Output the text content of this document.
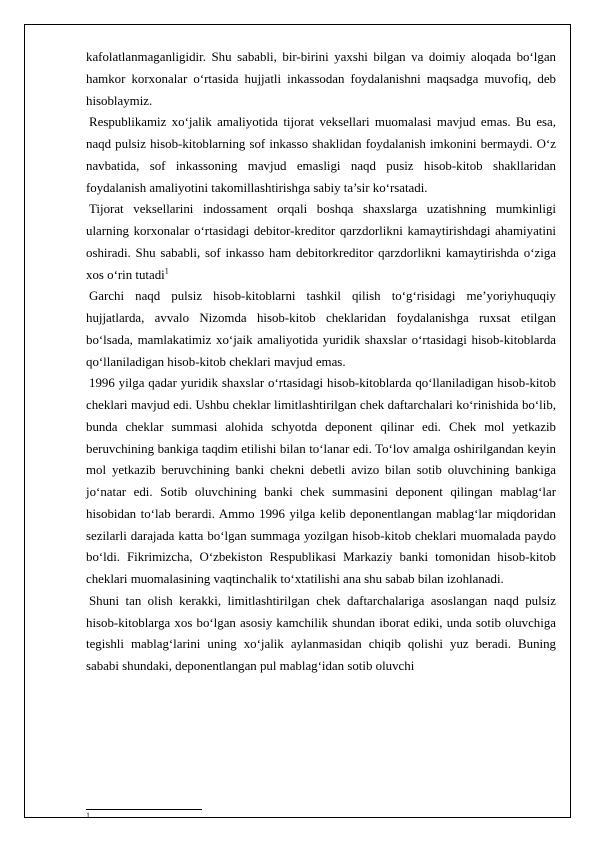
kafolatlanmaganligidir. Shu sababli, bir-birini yaxshi bilgan va doimiy aloqada bo‘lgan hamkor korxonalar o‘rtasida hujjatli inkassodan foydalanishni maqsadga muvofiq, deb hisoblaymiz.

Respublikamiz xo‘jalik amaliyotida tijorat veksellari muomalasi mavjud emas. Bu esa, naqd pulsiz hisob-kitoblarning sof inkasso shaklidan foydalanish imkonini bermaydi. O‘z navbatida, sof inkassoning mavjud emasligi naqd pusiz hisob-kitob shakllaridan foydalanish amaliyotini takomillashtirishga sabiy ta’sir ko‘rsatadi.

Tijorat veksellarini indossament orqali boshqa shaxslarga uzatishning mumkinligi ularning korxonalar o‘rtasidagi debitor-kreditor qarzdorlikni kamaytirishdagi ahamiyatini oshiradi. Shu sababli, sof inkasso ham debitorkreditor qarzdorlikni kamaytirishda o‘ziga xos o‘rin tutadi$^1$

Garchi naqd pulsiz hisob-kitoblarni tashkil qilish to‘g‘risidagi me’yoriyhuquqiy hujjatlarda, avvalo Nizomda hisob-kitob cheklaridan foydalanishga ruxsat etilgan bo‘lsada, mamlakatimiz xo‘jaik amaliyotida yuridik shaxslar o‘rtasidagi hisob-kitoblarda qo‘llaniladigan hisob-kitob cheklari mavjud emas.

1996 yilga qadar yuridik shaxslar o‘rtasidagi hisob-kitoblarda qo‘llaniladigan hisob-kitob cheklari mavjud edi. Ushbu cheklar limitlashtirilgan chek daftarchalari ko‘rinishida bo‘lib, bunda cheklar summasi alohida schyotda deponent qilinar edi. Chek mol yetkazib beruvchining bankiga taqdim etilishi bilan to‘lanar edi. To‘lov amalga oshirilgandan keyin mol yetkazib beruvchining banki chekni debetli avizo bilan sotib oluvchining bankiga jo‘natar edi. Sotib oluvchining banki chek summasini deponent qilingan mablag‘lar hisobidan to‘lab berardi. Ammo 1996 yilga kelib deponentlangan mablag‘lar miqdoridan sezilarli darajada katta bo‘lgan summaga yozilgan hisob-kitob cheklari muomalada paydo bo‘ldi. Fikrimizcha, O‘zbekiston Respublikasi Markaziy banki tomonidan hisob-kitob cheklari muomalasining vaqtinchalik to‘xtatilishi ana shu sabab bilan izohlanadi.

Shuni tan olish kerakki, limitlashtirilgan chek daftarchalariga asoslangan naqd pulsiz hisob-kitoblarga xos bo‘lgan asosiy kamchilik shundan iborat ediki, unda sotib oluvchiga tegishli mablag‘larini uning xo‘jalik aylanmasidan chiqib qolishi yuz beradi. Buning sababi shundaki, deponentlangan pul mablag‘idan sotib oluvchi

1
